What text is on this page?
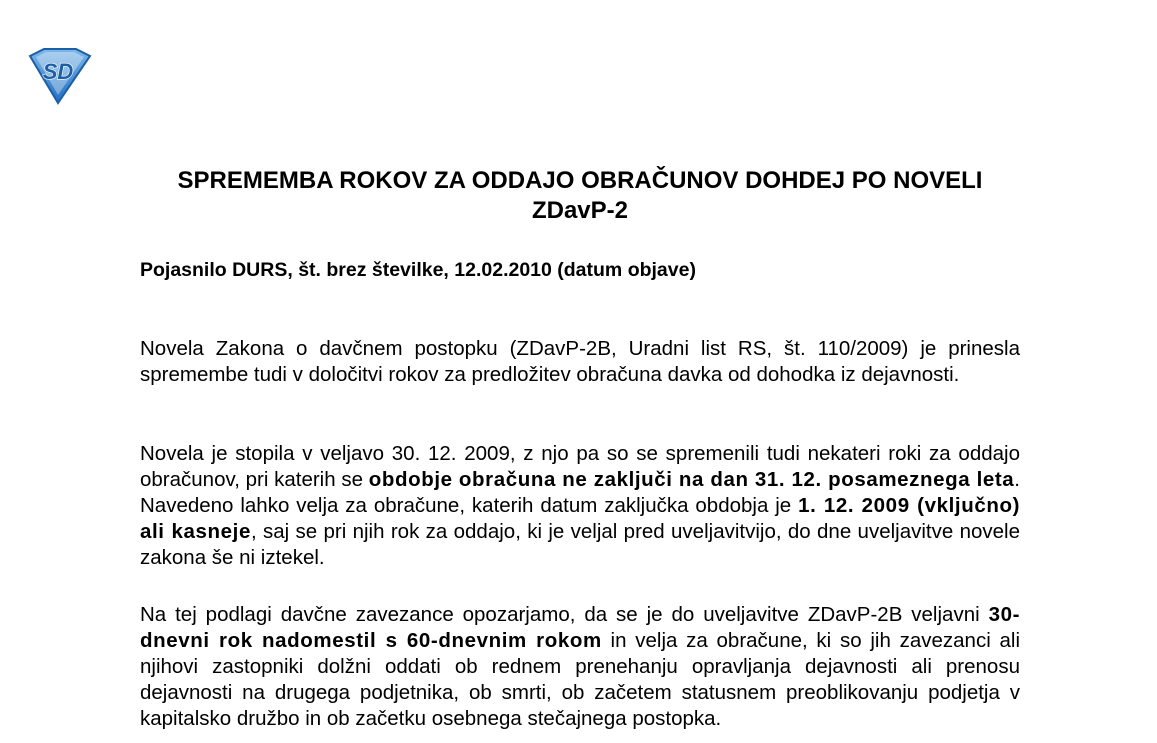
SD
SPREMEMBA ROKOV ZA ODDAJO OBRAČUNOV DOHDEJ PO NOVELI ZDavP-2

Pojasnilo DURS, št. brez številke, 12.02.2010 (datum objave)

Novela Zakona o davčnem postopku (ZDavP-2B, Uradni list RS, št. 110/2009) je prinesla spremembe tudi v določitvi rokov za predložitev obračuna davka od dohodka iz dejavnosti.

Novela je stopila v veljavo 30. 12. 2009, z njo pa so se spremenili tudi nekateri roki za oddajo obračunov, pri katerih se obdobje obračuna ne zaključi na dan 31. 12. posameznega leta. Navedeno lahko velja za obračune, katerih datum zaključka obdobja je 1. 12. 2009 (vključno) ali kasneje, saj se pri njih rok za oddajo, ki je veljal pred uveljavitvijo, do dne uveljavitve novele zakona še ni iztekel.

Na tej podlagi davčne zavezance opozarjamo, da se je do uveljavitve ZDavP-2B veljavni 30-dnevni rok nadomestil s 60-dnevnim rokom in velja za obračune, ki so jih zavezanci ali njihovi zastopniki dolžni oddati ob rednem prenehanju opravljanja dejavnosti ali prenosu dejavnosti na drugega podjetnika, ob smrti, ob začetem statusnem preoblikovanju podjetja v kapitalsko družbo in ob začetku osebnega stečajnega postopka.
